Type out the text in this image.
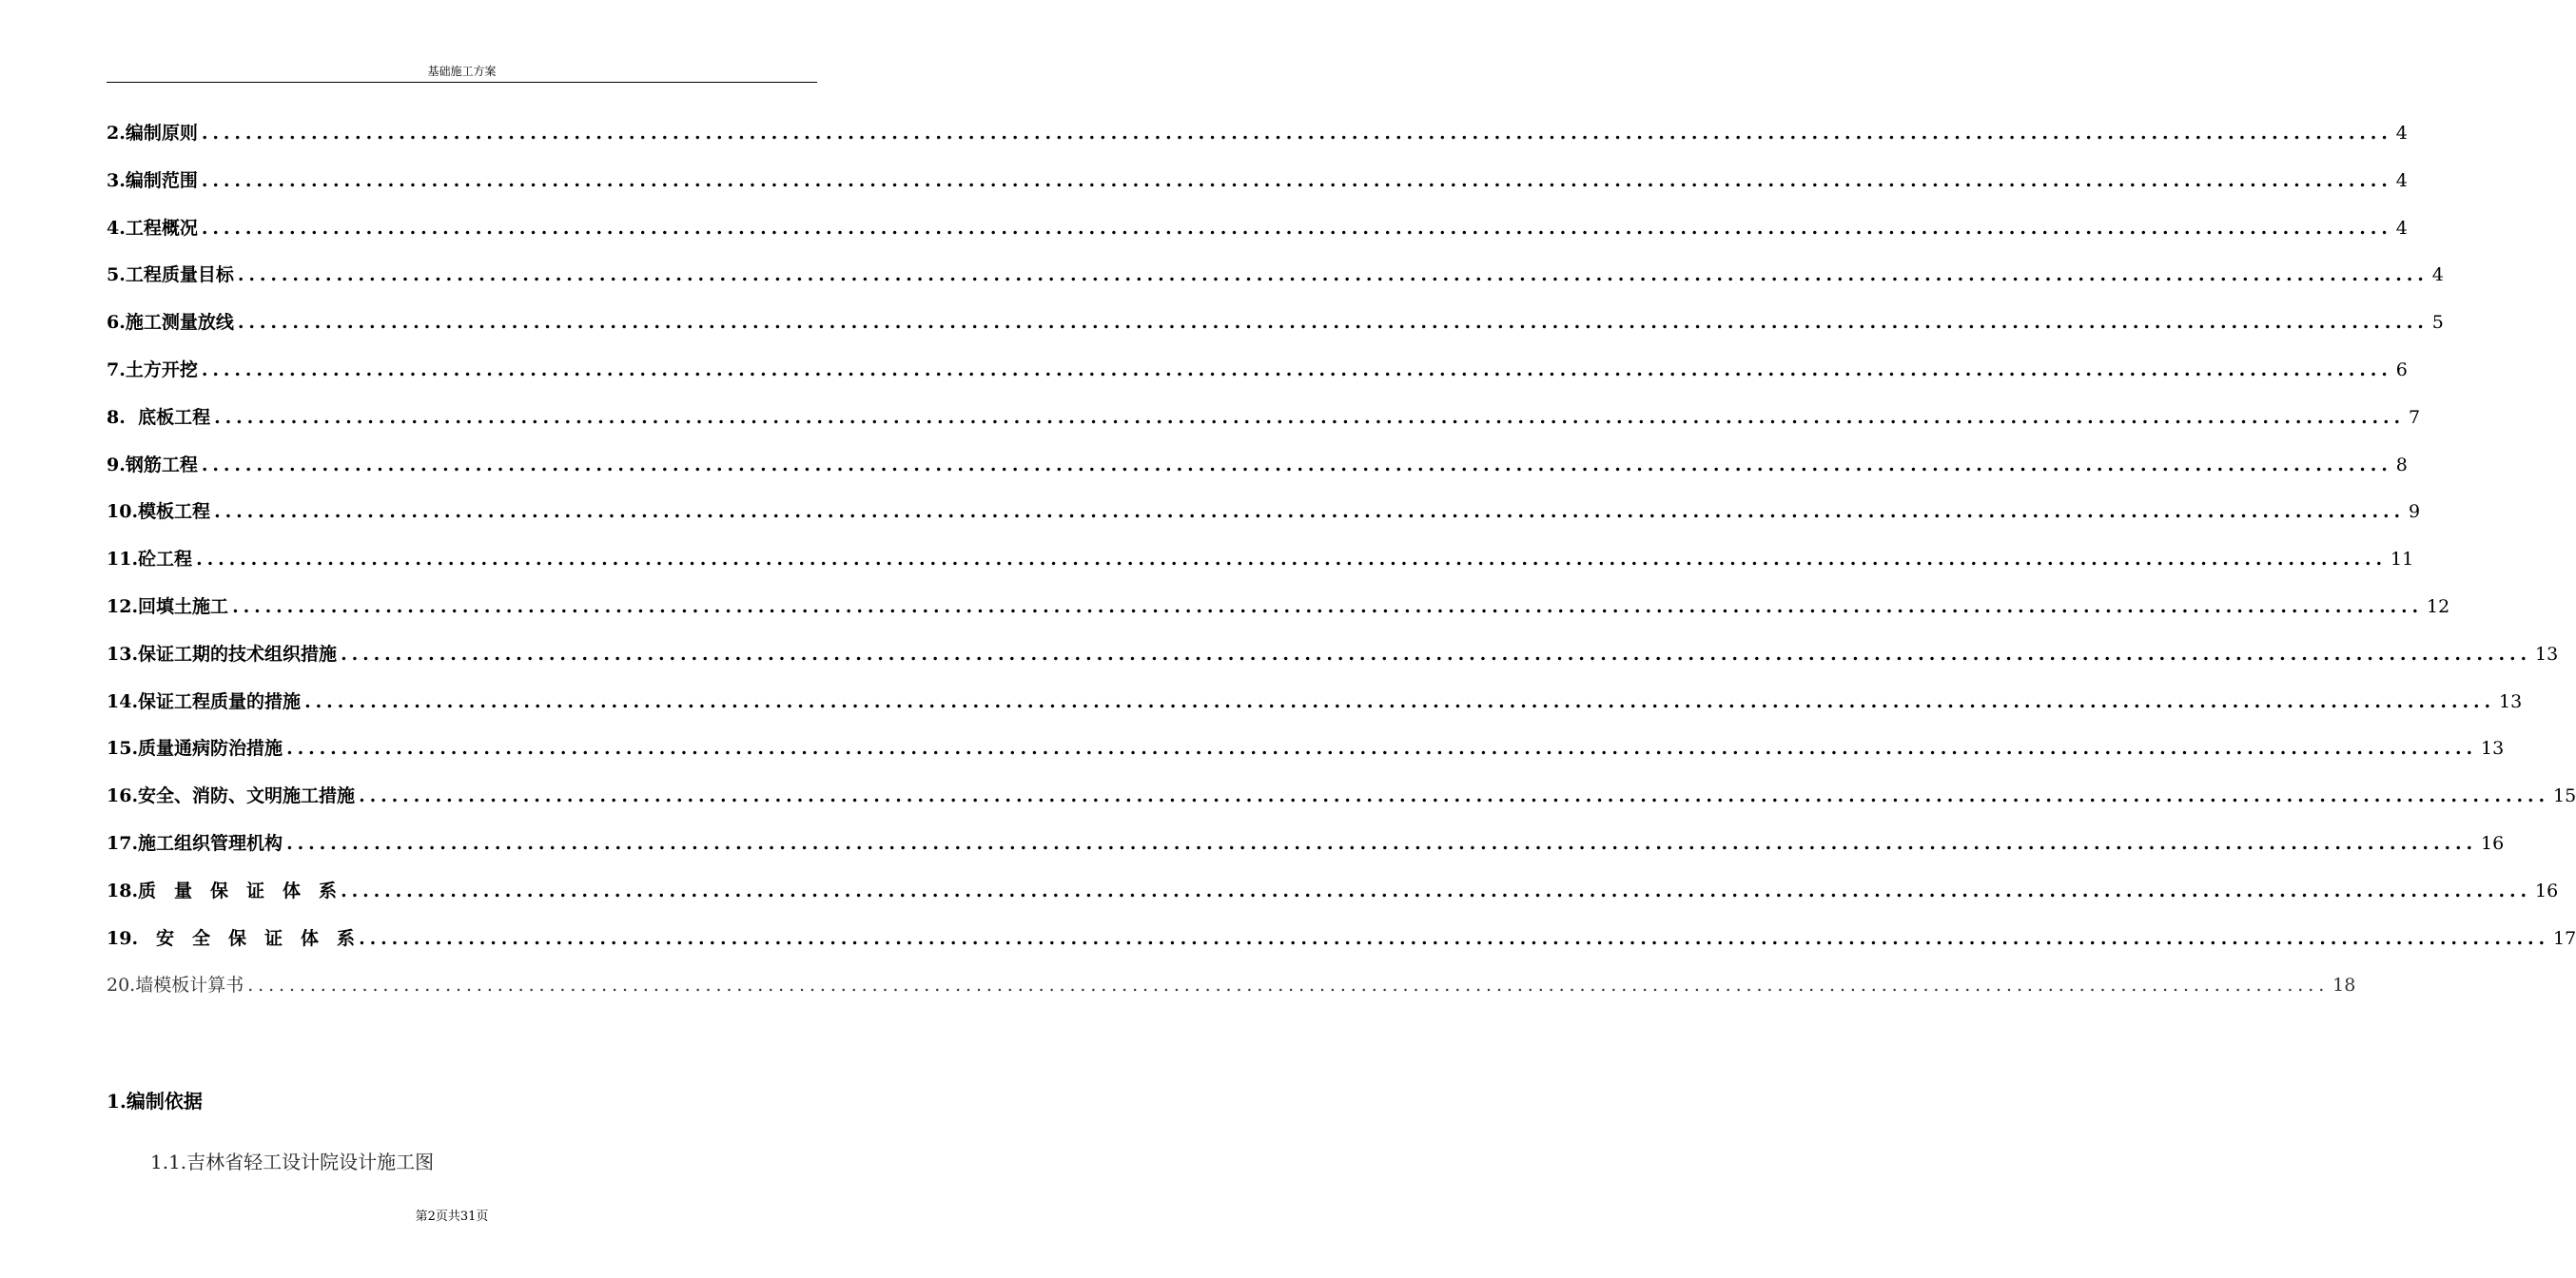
基础施工方案
2.编制原则 ........................................................................................................................................................................................................ 4
3.编制范围 ........................................................................................................................................................................................................ 4
4.工程概况 ........................................................................................................................................................................................................ 4
5.工程质量目标 ........................................................................................................................................................................................................ 4
6.施工测量放线 ........................................................................................................................................................................................................ 5
7.土方开挖 ........................................................................................................................................................................................................ 6
8.  底板工程 ........................................................................................................................................................................................................ 7
9.钢筋工程 ........................................................................................................................................................................................................ 8
10.模板工程 ........................................................................................................................................................................................................ 9
11.砼工程 ........................................................................................................................................................................................................ 11
12.回填土施工 ........................................................................................................................................................................................................ 12
13.保证工期的技术组织措施 ........................................................................................................................................................................................................ 13
14.保证工程质量的措施 ........................................................................................................................................................................................................ 13
15.质量通病防治措施 ........................................................................................................................................................................................................ 13
16.安全、消防、文明施工措施 ........................................................................................................................................................................................................ 15
17.施工组织管理机构 ........................................................................................................................................................................................................ 16
18.质　量　保　证　体　系 ........................................................................................................................................................................................................ 16
19.　安　全　保　证　体　系 ........................................................................................................................................................................................................ 17
20.墙模板计算书 ........................................................................................................................................................................................................ 18
1.编制依据
1.1.吉林省轻工设计院设计施工图
第2页共31页
